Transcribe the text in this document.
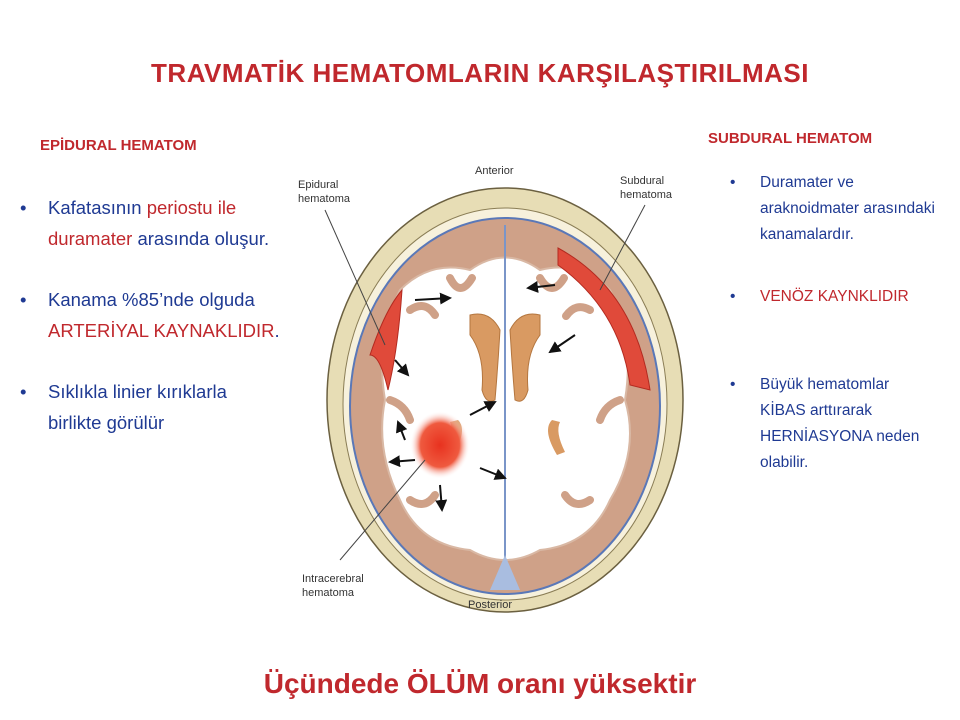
TRAVMATİK HEMATOMLARIN KARŞILAŞTIRILMASI
EPİDURAL HEMATOM
• Kafatasının periostu ile duramater arasında oluşur.
• Kanama %85’nde olguda ARTERİYAL KAYNAKLIDIR.
• Sıklıkla linier kırıklarla birlikte görülür
SUBDURAL HEMATOM
• Duramater ve araknoidmater arasındaki kanamalardır.
• VENÖZ KAYNKLIDIR
• Büyük hematomlar KİBAS arttırarak HERNİASYONA neden olabilir.
Anterior
Posterior
Epidural
hematoma
Subdural
hematoma
Intracerebral
hematoma
Üçündede ÖLÜM oranı yüksektir
